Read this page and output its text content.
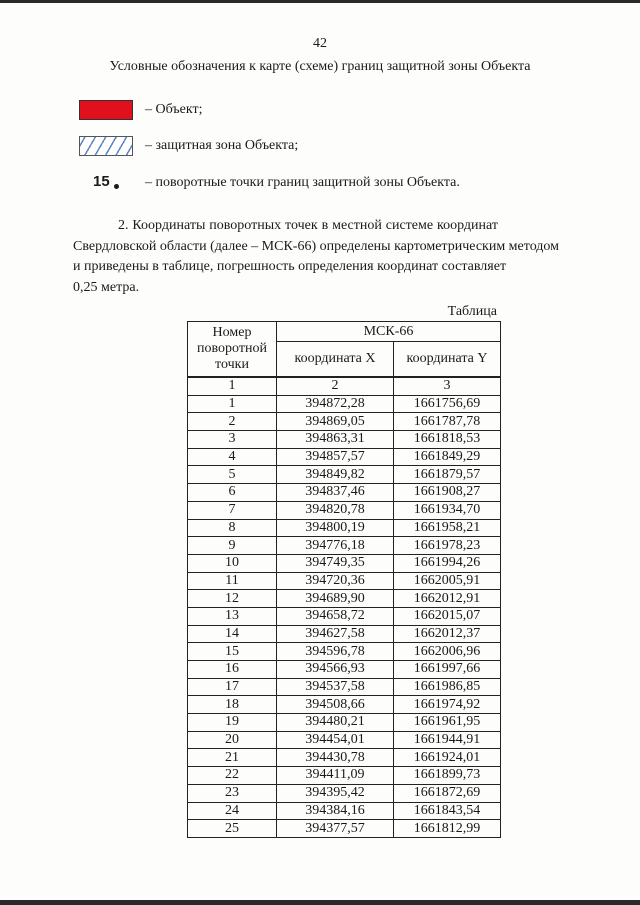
42
Условные обозначения к карте (схеме) границ защитной зоны Объекта
– Объект;
– защитная зона Объекта;
15	– поворотные точки границ защитной зоны Объекта.
2. Координаты поворотных точек в местной системе координат
Свердловской области (далее – МСК-66) определены картометрическим методом
и приведены в таблице, погрешность определения координат составляет
0,25 метра.
Таблица
Номер поворотной точки	МСК-66	
	координата X	координата Y
1	2	3
1	394872,28	1661756,69
2	394869,05	1661787,78
3	394863,31	1661818,53
4	394857,57	1661849,29
5	394849,82	1661879,57
6	394837,46	1661908,27
7	394820,78	1661934,70
8	394800,19	1661958,21
9	394776,18	1661978,23
10	394749,35	1661994,26
11	394720,36	1662005,91
12	394689,90	1662012,91
13	394658,72	1662015,07
14	394627,58	1662012,37
15	394596,78	1662006,96
16	394566,93	1661997,66
17	394537,58	1661986,85
18	394508,66	1661974,92
19	394480,21	1661961,95
20	394454,01	1661944,91
21	394430,78	1661924,01
22	394411,09	1661899,73
23	394395,42	1661872,69
24	394384,16	1661843,54
25	394377,57	1661812,99
